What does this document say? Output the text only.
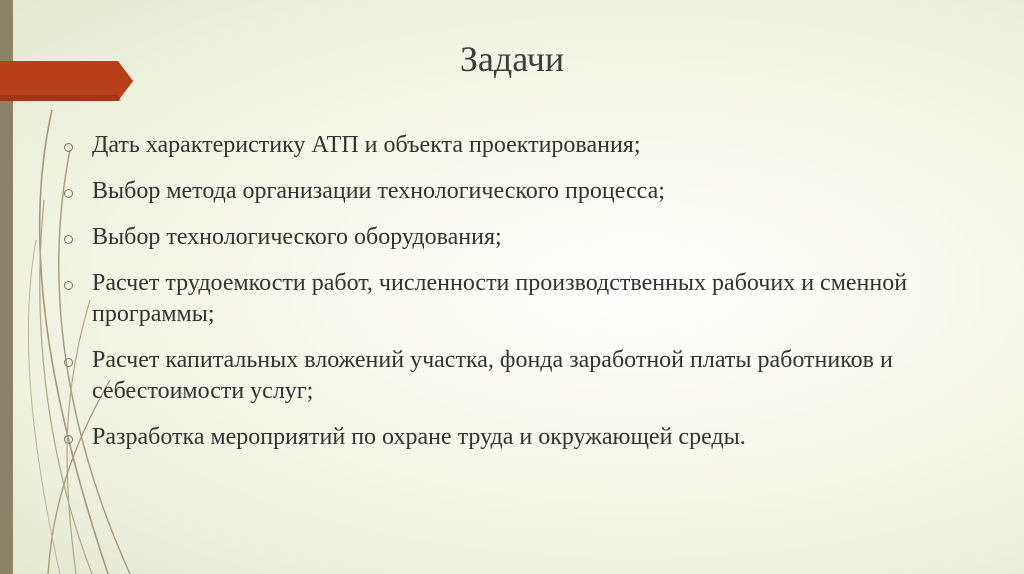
Задачи
Дать характеристику АТП и объекта проектирования;
Выбор метода организации технологического процесса;
Выбор технологического оборудования;
Расчет трудоемкости работ, численности производственных рабочих и сменной программы;
Расчет капитальных вложений участка, фонда заработной платы работников и себестоимости услуг;
Разработка мероприятий по охране труда и окружающей среды.
